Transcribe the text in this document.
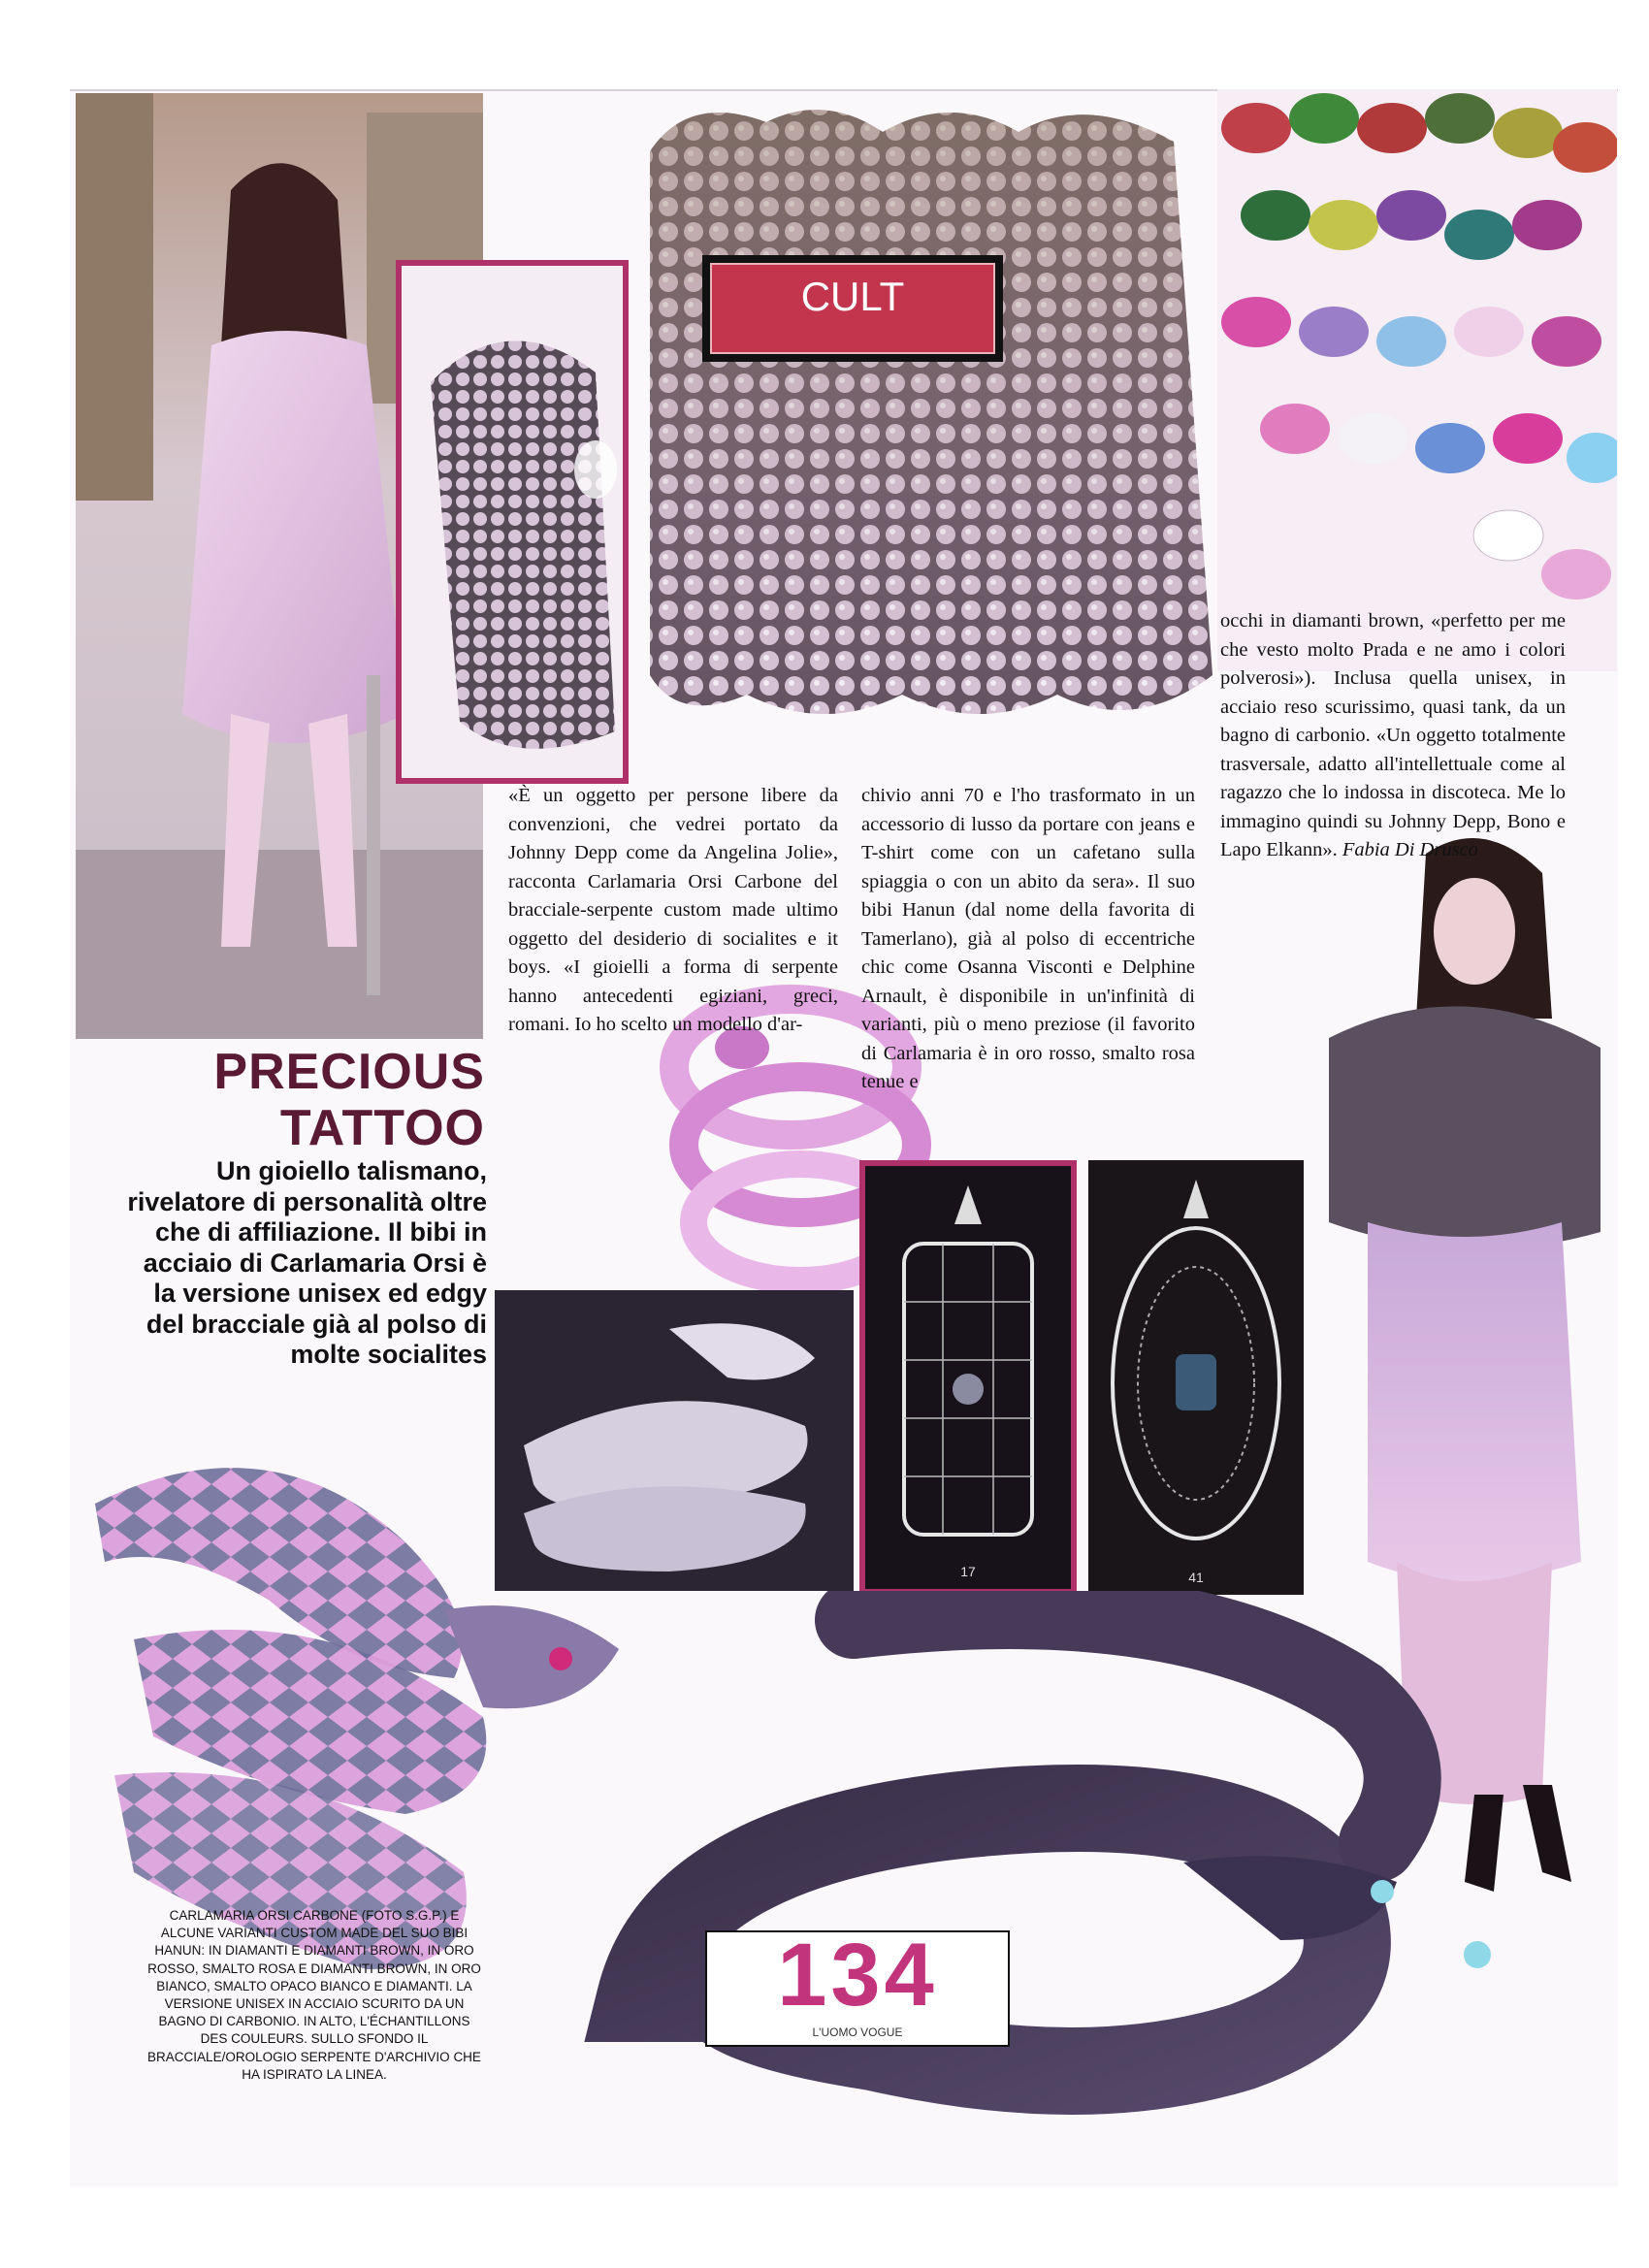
17	41
CULT

«È un oggetto per persone libere da convenzioni, che vedrei portato da Johnny Depp come da Angelina Jolie», racconta Carlamaria Orsi Carbone del bracciale-serpente custom made ultimo oggetto del desiderio di socialites e it boys. «I gioielli a forma di serpente hanno antecedenti egiziani, greci, romani. Io ho scelto un modello d'ar-

chivio anni 70 e l'ho trasformato in un accessorio di lusso da portare con jeans e T-shirt come con un cafetano sulla spiaggia o con un abito da sera». Il suo bibi Hanun (dal nome della favorita di Tamerlano), già al polso di eccentriche chic come Osanna Visconti e Delphine Arnault, è disponibile in un'infinità di varianti, più o meno preziose (il favorito di Carlamaria è in oro rosso, smalto rosa tenue e

occhi in diamanti brown, «perfetto per me che vesto molto Prada e ne amo i colori polverosi»). Inclusa quella unisex, in acciaio reso scurissimo, quasi tank, da un bagno di carbonio. «Un oggetto totalmente trasversale, adatto all'intellettuale come al ragazzo che lo indossa in discoteca. Me lo immagino quindi su Johnny Depp, Bono e Lapo Elkann». Fabia Di Drusco

PRECIOUS
TATTOO
Un gioiello talismano, rivelatore di personalità oltre che di affiliazione. Il bibi in acciaio di Carlamaria Orsi è la versione unisex ed edgy del bracciale già al polso di molte socialites
CARLAMARIA ORSI CARBONE (FOTO S.G.P.) E ALCUNE VARIANTI CUSTOM MADE DEL SUO BIBI HANUN: IN DIAMANTI E DIAMANTI BROWN, IN ORO ROSSO, SMALTO ROSA E DIAMANTI BROWN, IN ORO BIANCO, SMALTO OPACO BIANCO E DIAMANTI. LA VERSIONE UNISEX IN ACCIAIO SCURITO DA UN BAGNO DI CARBONIO. IN ALTO, L'ÉCHANTILLONS DES COULEURS. SULLO SFONDO IL BRACCIALE/OROLOGIO SERPENTE D'ARCHIVIO CHE HA ISPIRATO LA LINEA.
134
L'UOMO VOGUE
